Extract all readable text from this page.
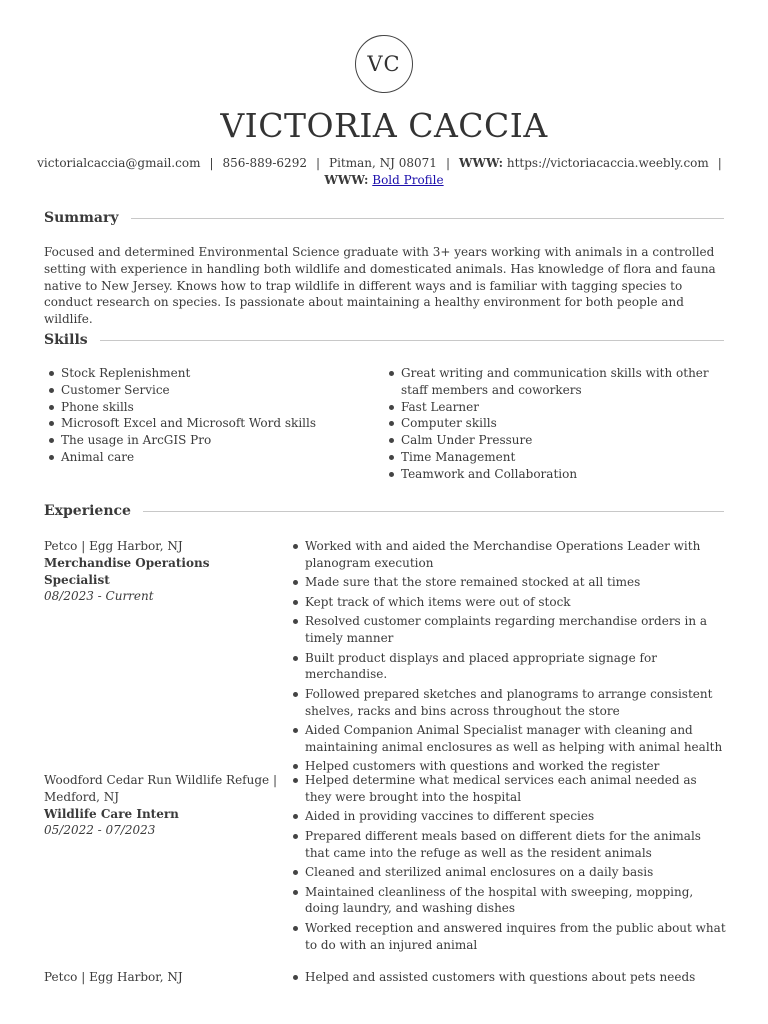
VC
VICTORIA CACCIA
victorialcaccia@gmail.com | 856-889-6292 | Pitman, NJ 08071 | WWW: https://victoriacaccia.weebly.com |
WWW: Bold Profile
Summary

Focused and determined Environmental Science graduate with 3+ years working with animals in a controlled setting with experience in handling both wildlife and domesticated animals. Has knowledge of flora and fauna native to New Jersey. Knows how to trap wildlife in different ways and is familiar with tagging species to conduct research on species. Is passionate about maintaining a healthy environment for both people and wildlife.

Skills
Stock Replenishment
Customer Service
Phone skills
Microsoft Excel and Microsoft Word skills
The usage in ArcGIS Pro
Animal care
Great writing and communication skills with other staff members and coworkers
Fast Learner
Computer skills
Calm Under Pressure
Time Management
Teamwork and Collaboration
Experience
Petco | Egg Harbor, NJ
Merchandise Operations Specialist
08/2023 - Current
Worked with and aided the Merchandise Operations Leader with planogram execution
Made sure that the store remained stocked at all times
Kept track of which items were out of stock
Resolved customer complaints regarding merchandise orders in a timely manner
Built product displays and placed appropriate signage for merchandise.
Followed prepared sketches and planograms to arrange consistent shelves, racks and bins across throughout the store
Aided Companion Animal Specialist manager with cleaning and maintaining animal enclosures as well as helping with animal health
Helped customers with questions and worked the register
Woodford Cedar Run Wildlife Refuge | Medford, NJ
Wildlife Care Intern
05/2022 - 07/2023
Helped determine what medical services each animal needed as they were brought into the hospital
Aided in providing vaccines to different species
Prepared different meals based on different diets for the animals that came into the refuge as well as the resident animals
Cleaned and sterilized animal enclosures on a daily basis
Maintained cleanliness of the hospital with sweeping, mopping, doing laundry, and washing dishes
Worked reception and answered inquires from the public about what to do with an injured animal
Petco | Egg Harbor, NJ	Helped and assisted customers with questions about pets needs
